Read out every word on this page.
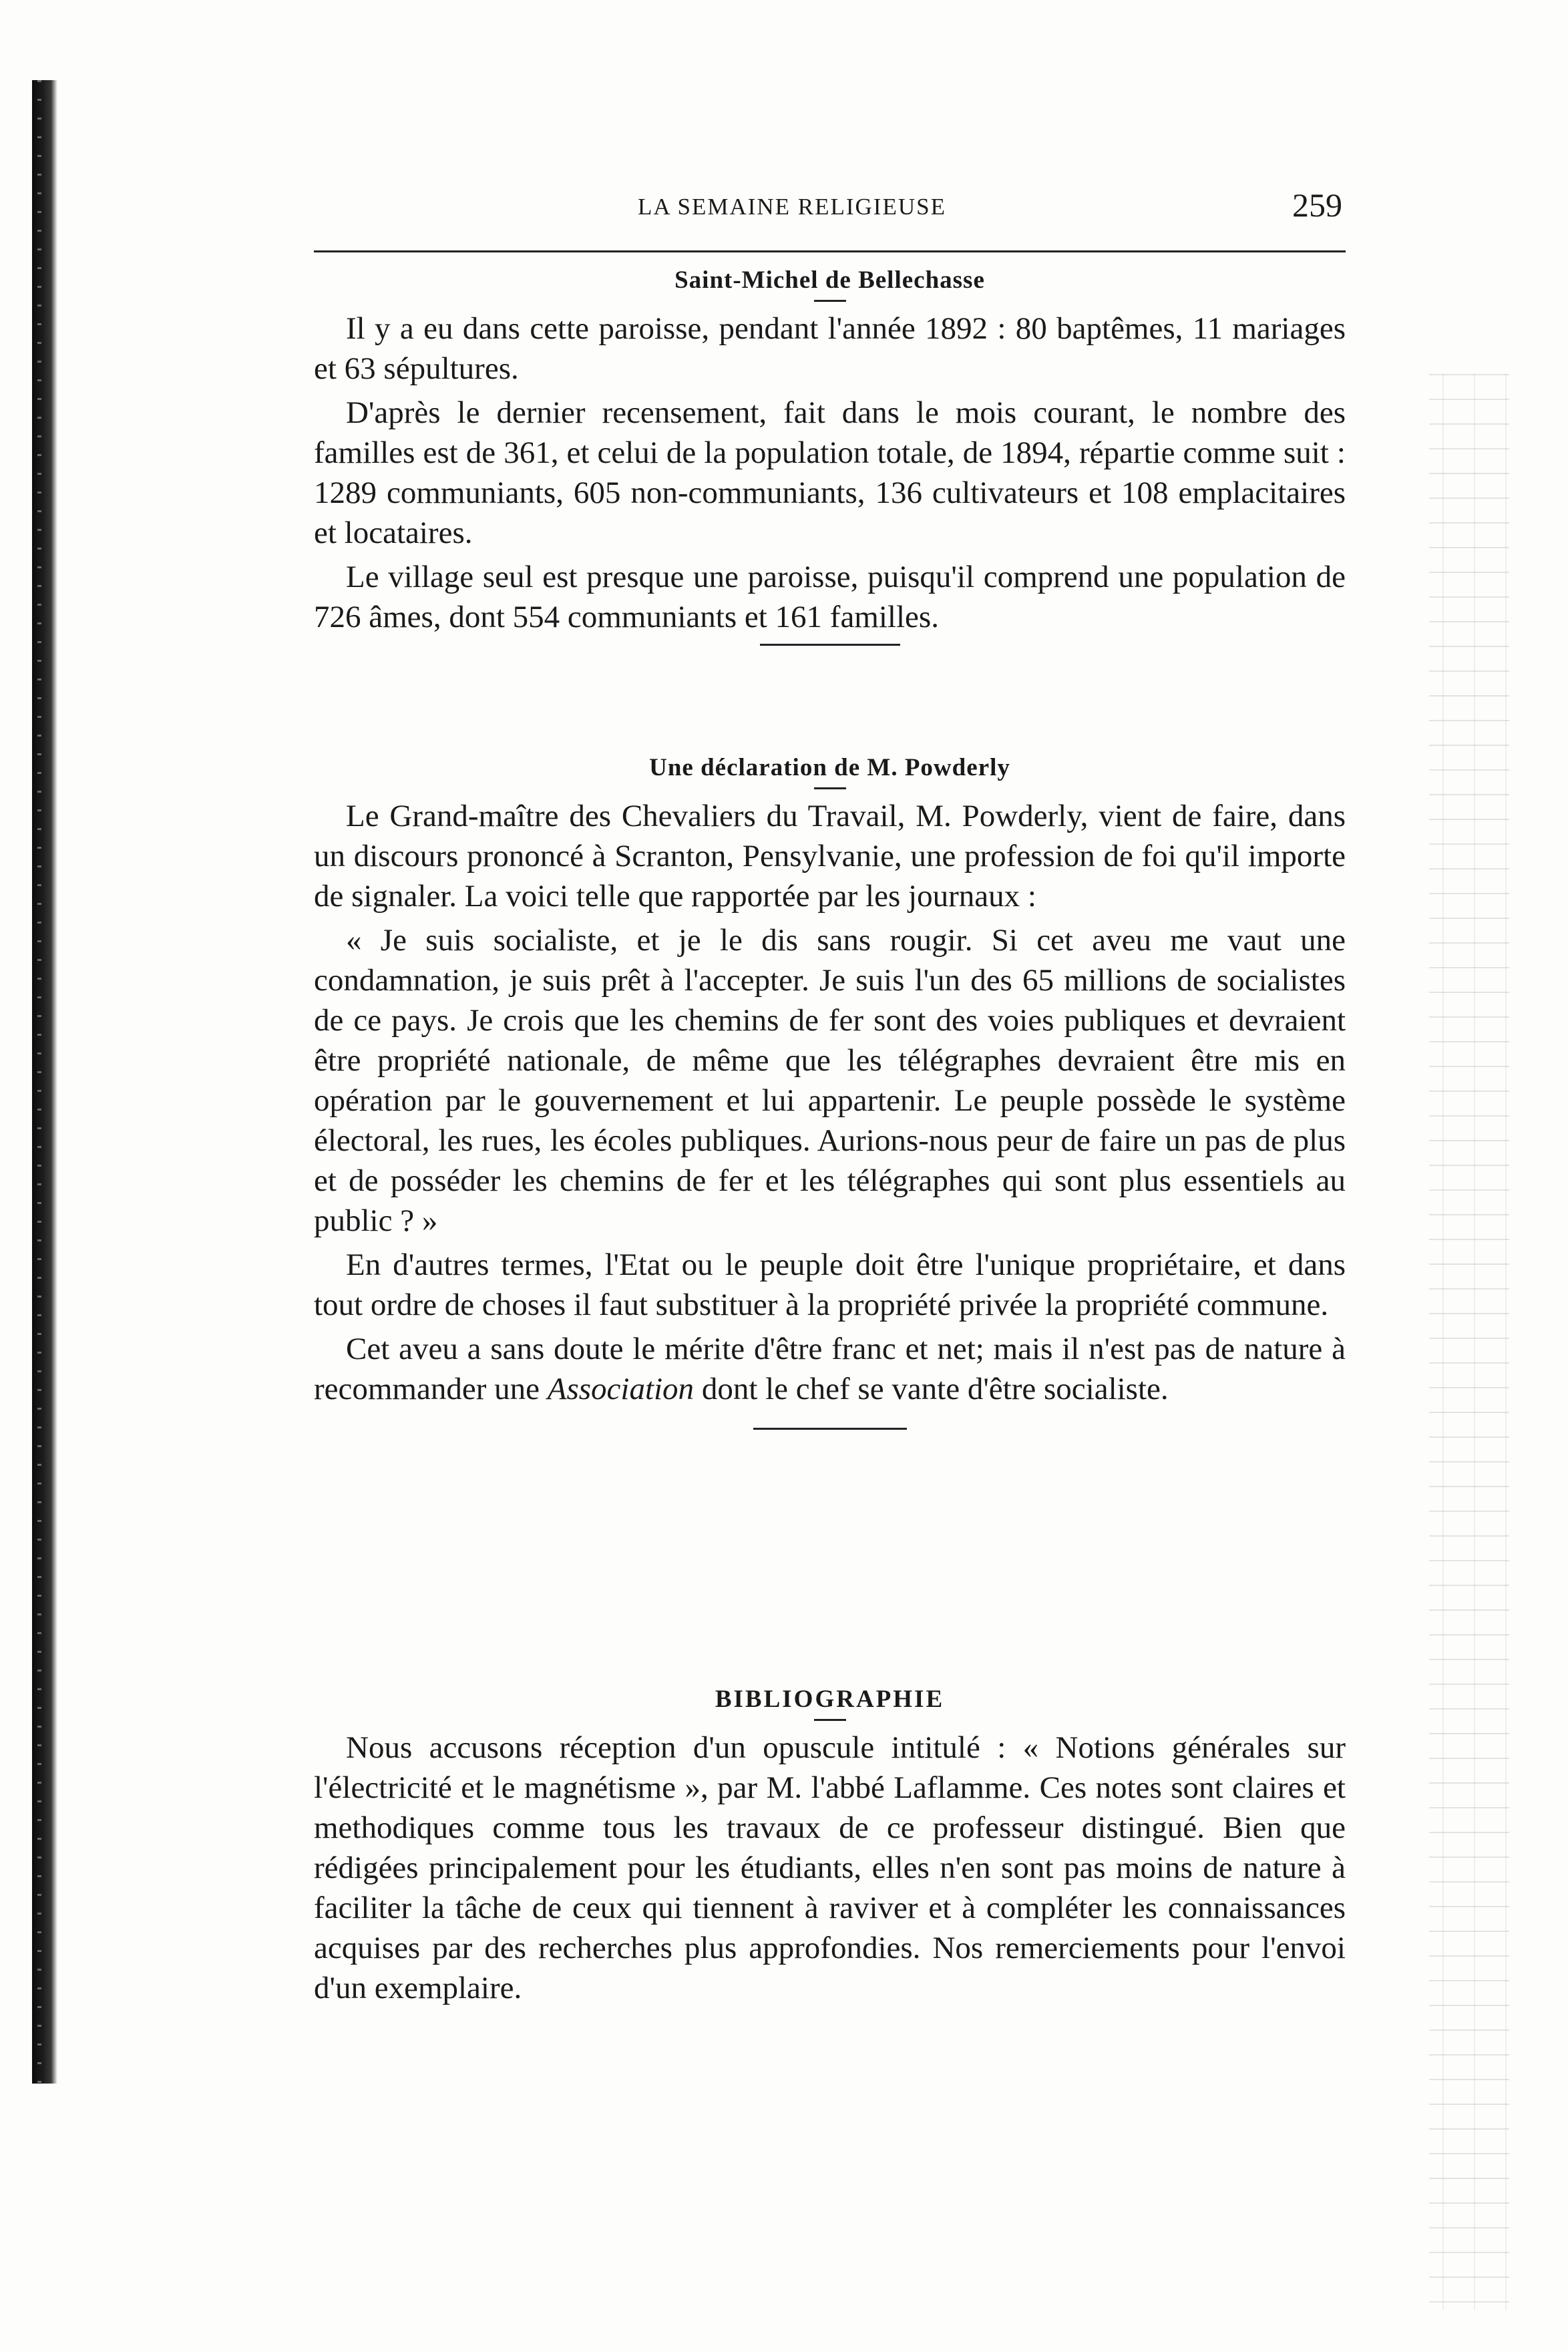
LA SEMAINE RELIGIEUSE	259
Saint-Michel de Bellechasse

Il y a eu dans cette paroisse, pendant l'année 1892 : 80 baptêmes, 11 mariages et 63 sépultures.

D'après le dernier recensement, fait dans le mois courant, le nombre des familles est de 361, et celui de la population totale, de 1894, répartie comme suit : 1289 communiants, 605 non-communiants, 136 cultivateurs et 108 emplacitaires et locataires.

Le village seul est presque une paroisse, puisqu'il comprend une population de 726 âmes, dont 554 communiants et 161 familles.

Une déclaration de M. Powderly

Le Grand-maître des Chevaliers du Travail, M. Powderly, vient de faire, dans un discours prononcé à Scranton, Pensylvanie, une profession de foi qu'il importe de signaler. La voici telle que rapportée par les journaux :

« Je suis socialiste, et je le dis sans rougir. Si cet aveu me vaut une condamnation, je suis prêt à l'accepter. Je suis l'un des 65 millions de socialistes de ce pays. Je crois que les chemins de fer sont des voies publiques et devraient être propriété nationale, de même que les télégraphes devraient être mis en opération par le gouvernement et lui appartenir. Le peuple possède le système électoral, les rues, les écoles publiques. Aurions-nous peur de faire un pas de plus et de posséder les chemins de fer et les télégraphes qui sont plus essentiels au public ? »

En d'autres termes, l'Etat ou le peuple doit être l'unique propriétaire, et dans tout ordre de choses il faut substituer à la propriété privée la propriété commune.

Cet aveu a sans doute le mérite d'être franc et net; mais il n'est pas de nature à recommander une Association dont le chef se vante d'être socialiste.

BIBLIOGRAPHIE

Nous accusons réception d'un opuscule intitulé : « Notions générales sur l'électricité et le magnétisme », par M. l'abbé Laflamme. Ces notes sont claires et methodiques comme tous les travaux de ce professeur distingué. Bien que rédigées principalement pour les étudiants, elles n'en sont pas moins de nature à faciliter la tâche de ceux qui tiennent à raviver et à compléter les connaissances acquises par des recherches plus approfondies. Nos remerciements pour l'envoi d'un exemplaire.
